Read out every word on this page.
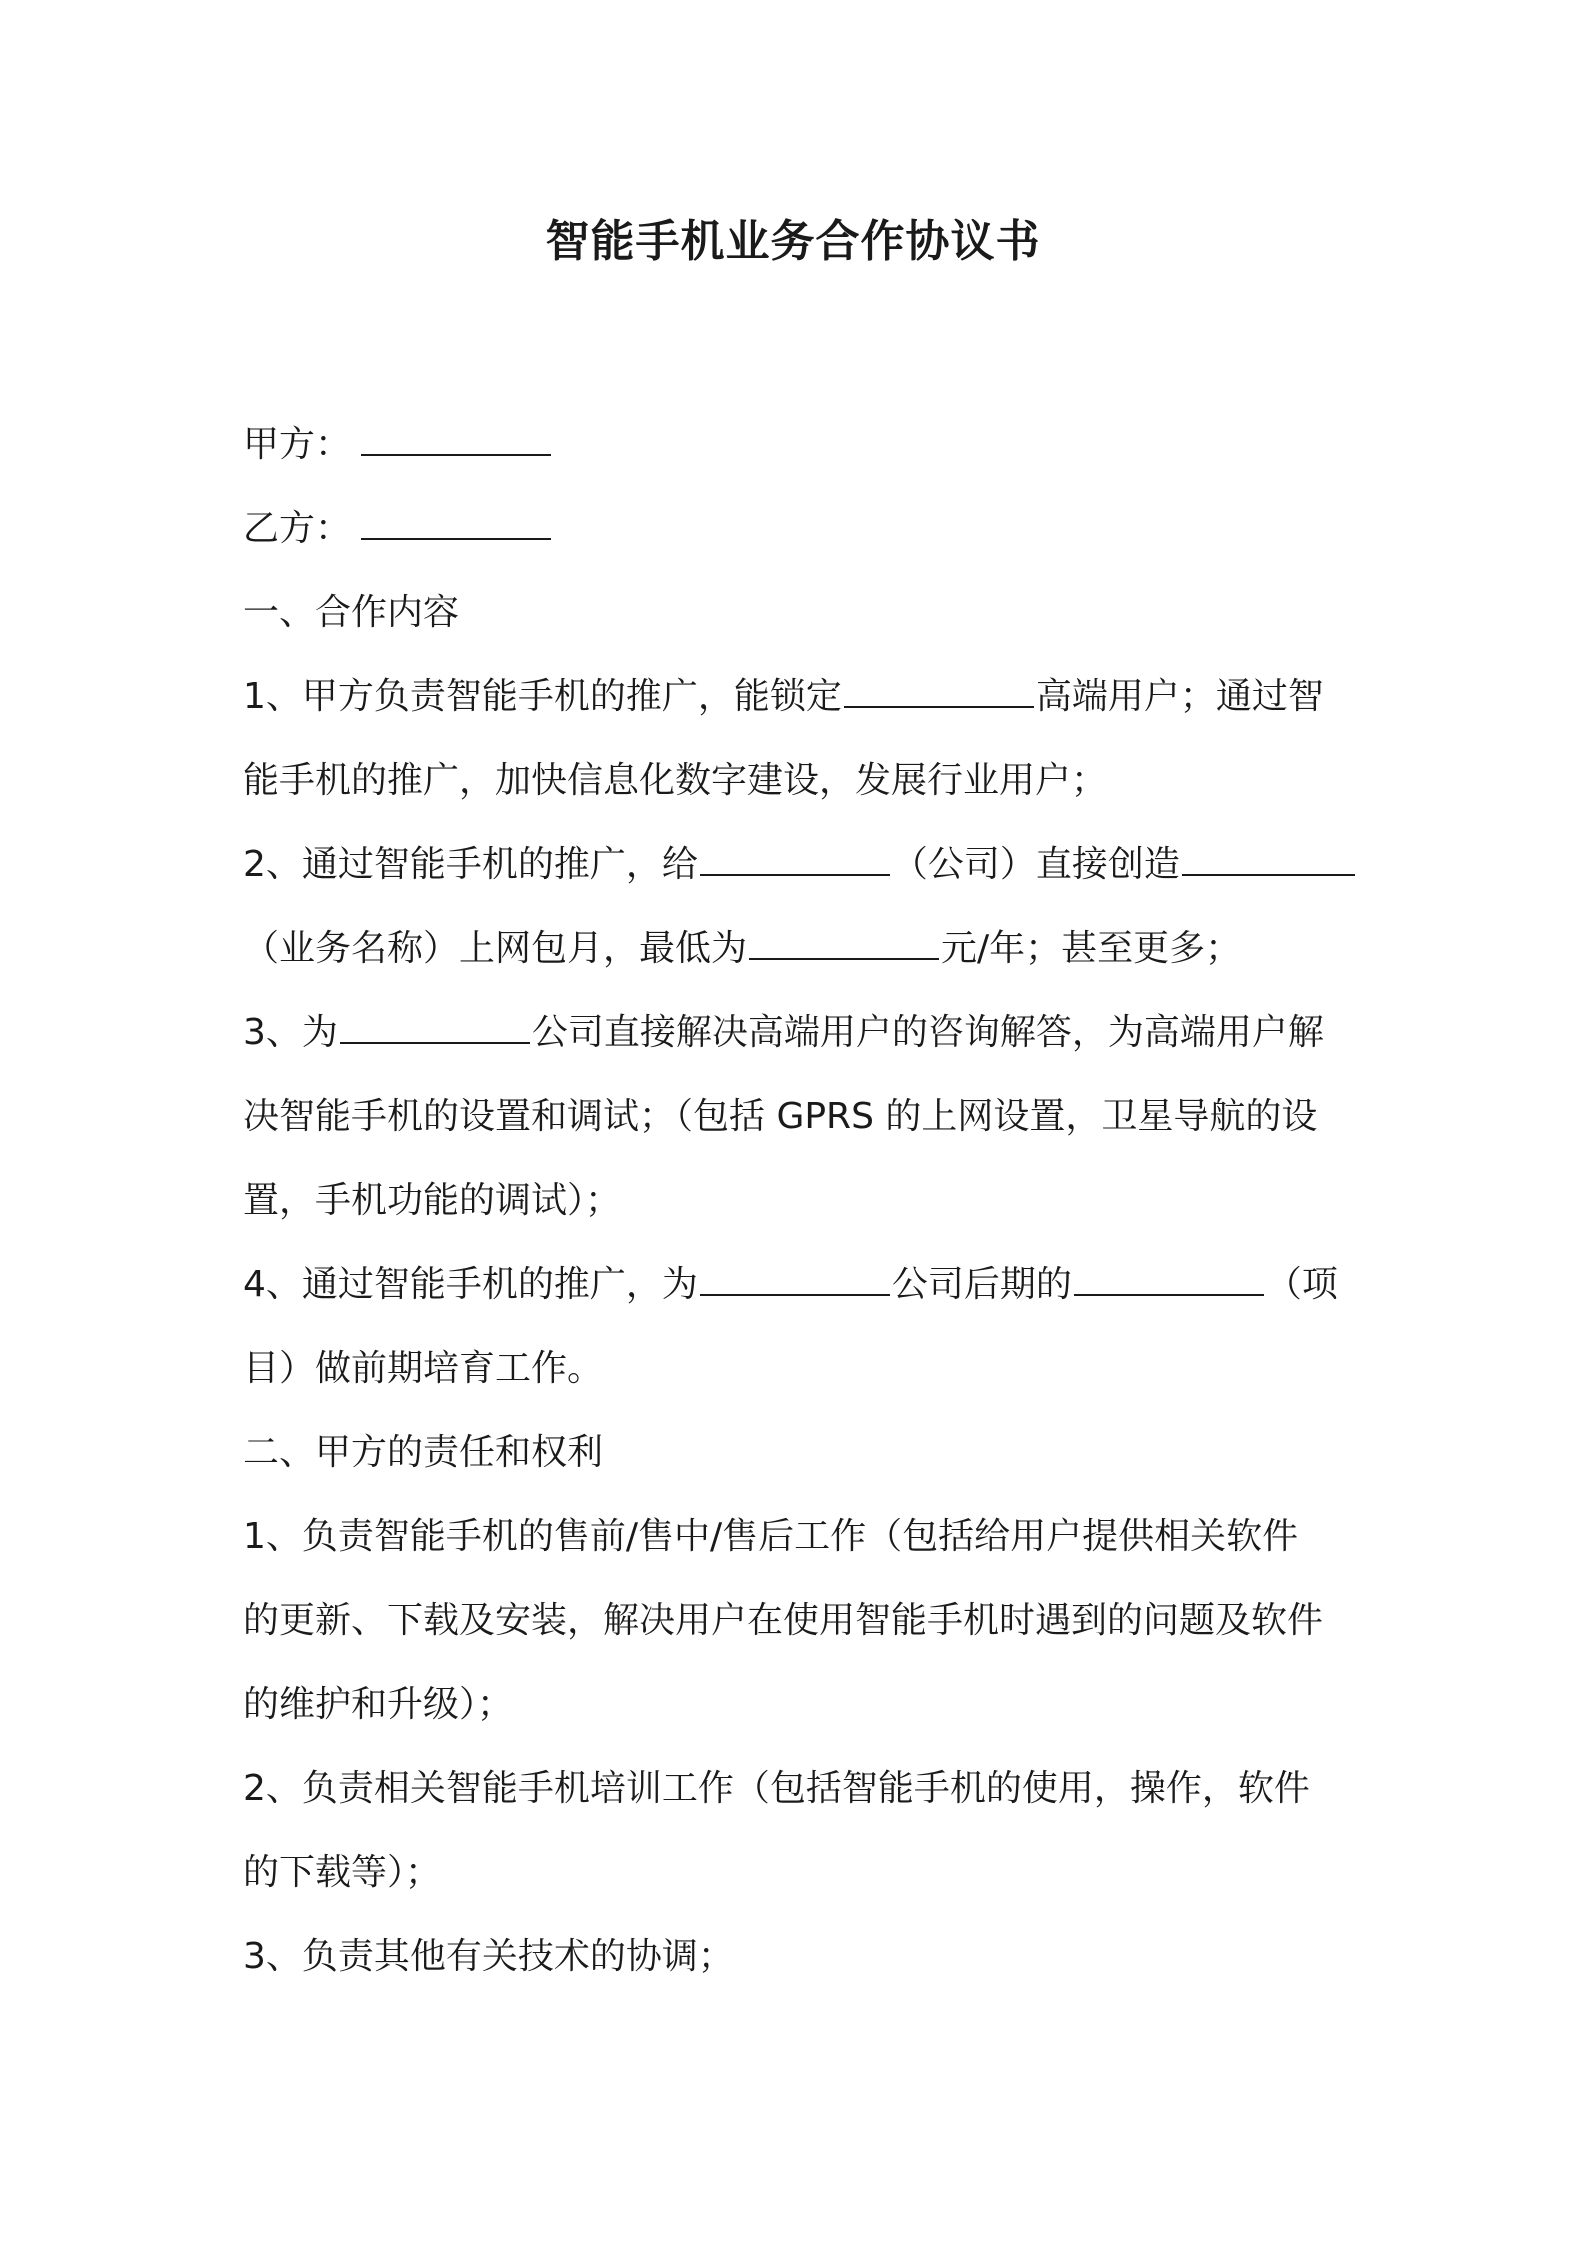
智能手机业务合作协议书
甲方：
乙方：
一、合作内容
1、甲方负责智能手机的推广，能锁定	高端用户；通过智
能手机的推广，加快信息化数字建设，发展行业用户；
2、通过智能手机的推广，给	（公司）直接创造
（业务名称）上网包月，最低为	元/年；甚至更多；
3、为	公司直接解决高端用户的咨询解答，为高端用户解
决智能手机的设置和调试；（包括 GPRS 的上网设置，卫星导航的设
置，手机功能的调试）；
4、通过智能手机的推广，为	公司后期的	（项
目）做前期培育工作。
二、甲方的责任和权利
1、负责智能手机的售前/售中/售后工作（包括给用户提供相关软件
的更新、下载及安装，解决用户在使用智能手机时遇到的问题及软件
的维护和升级）；
2、负责相关智能手机培训工作（包括智能手机的使用，操作，软件
的下载等）；
3、负责其他有关技术的协调；
